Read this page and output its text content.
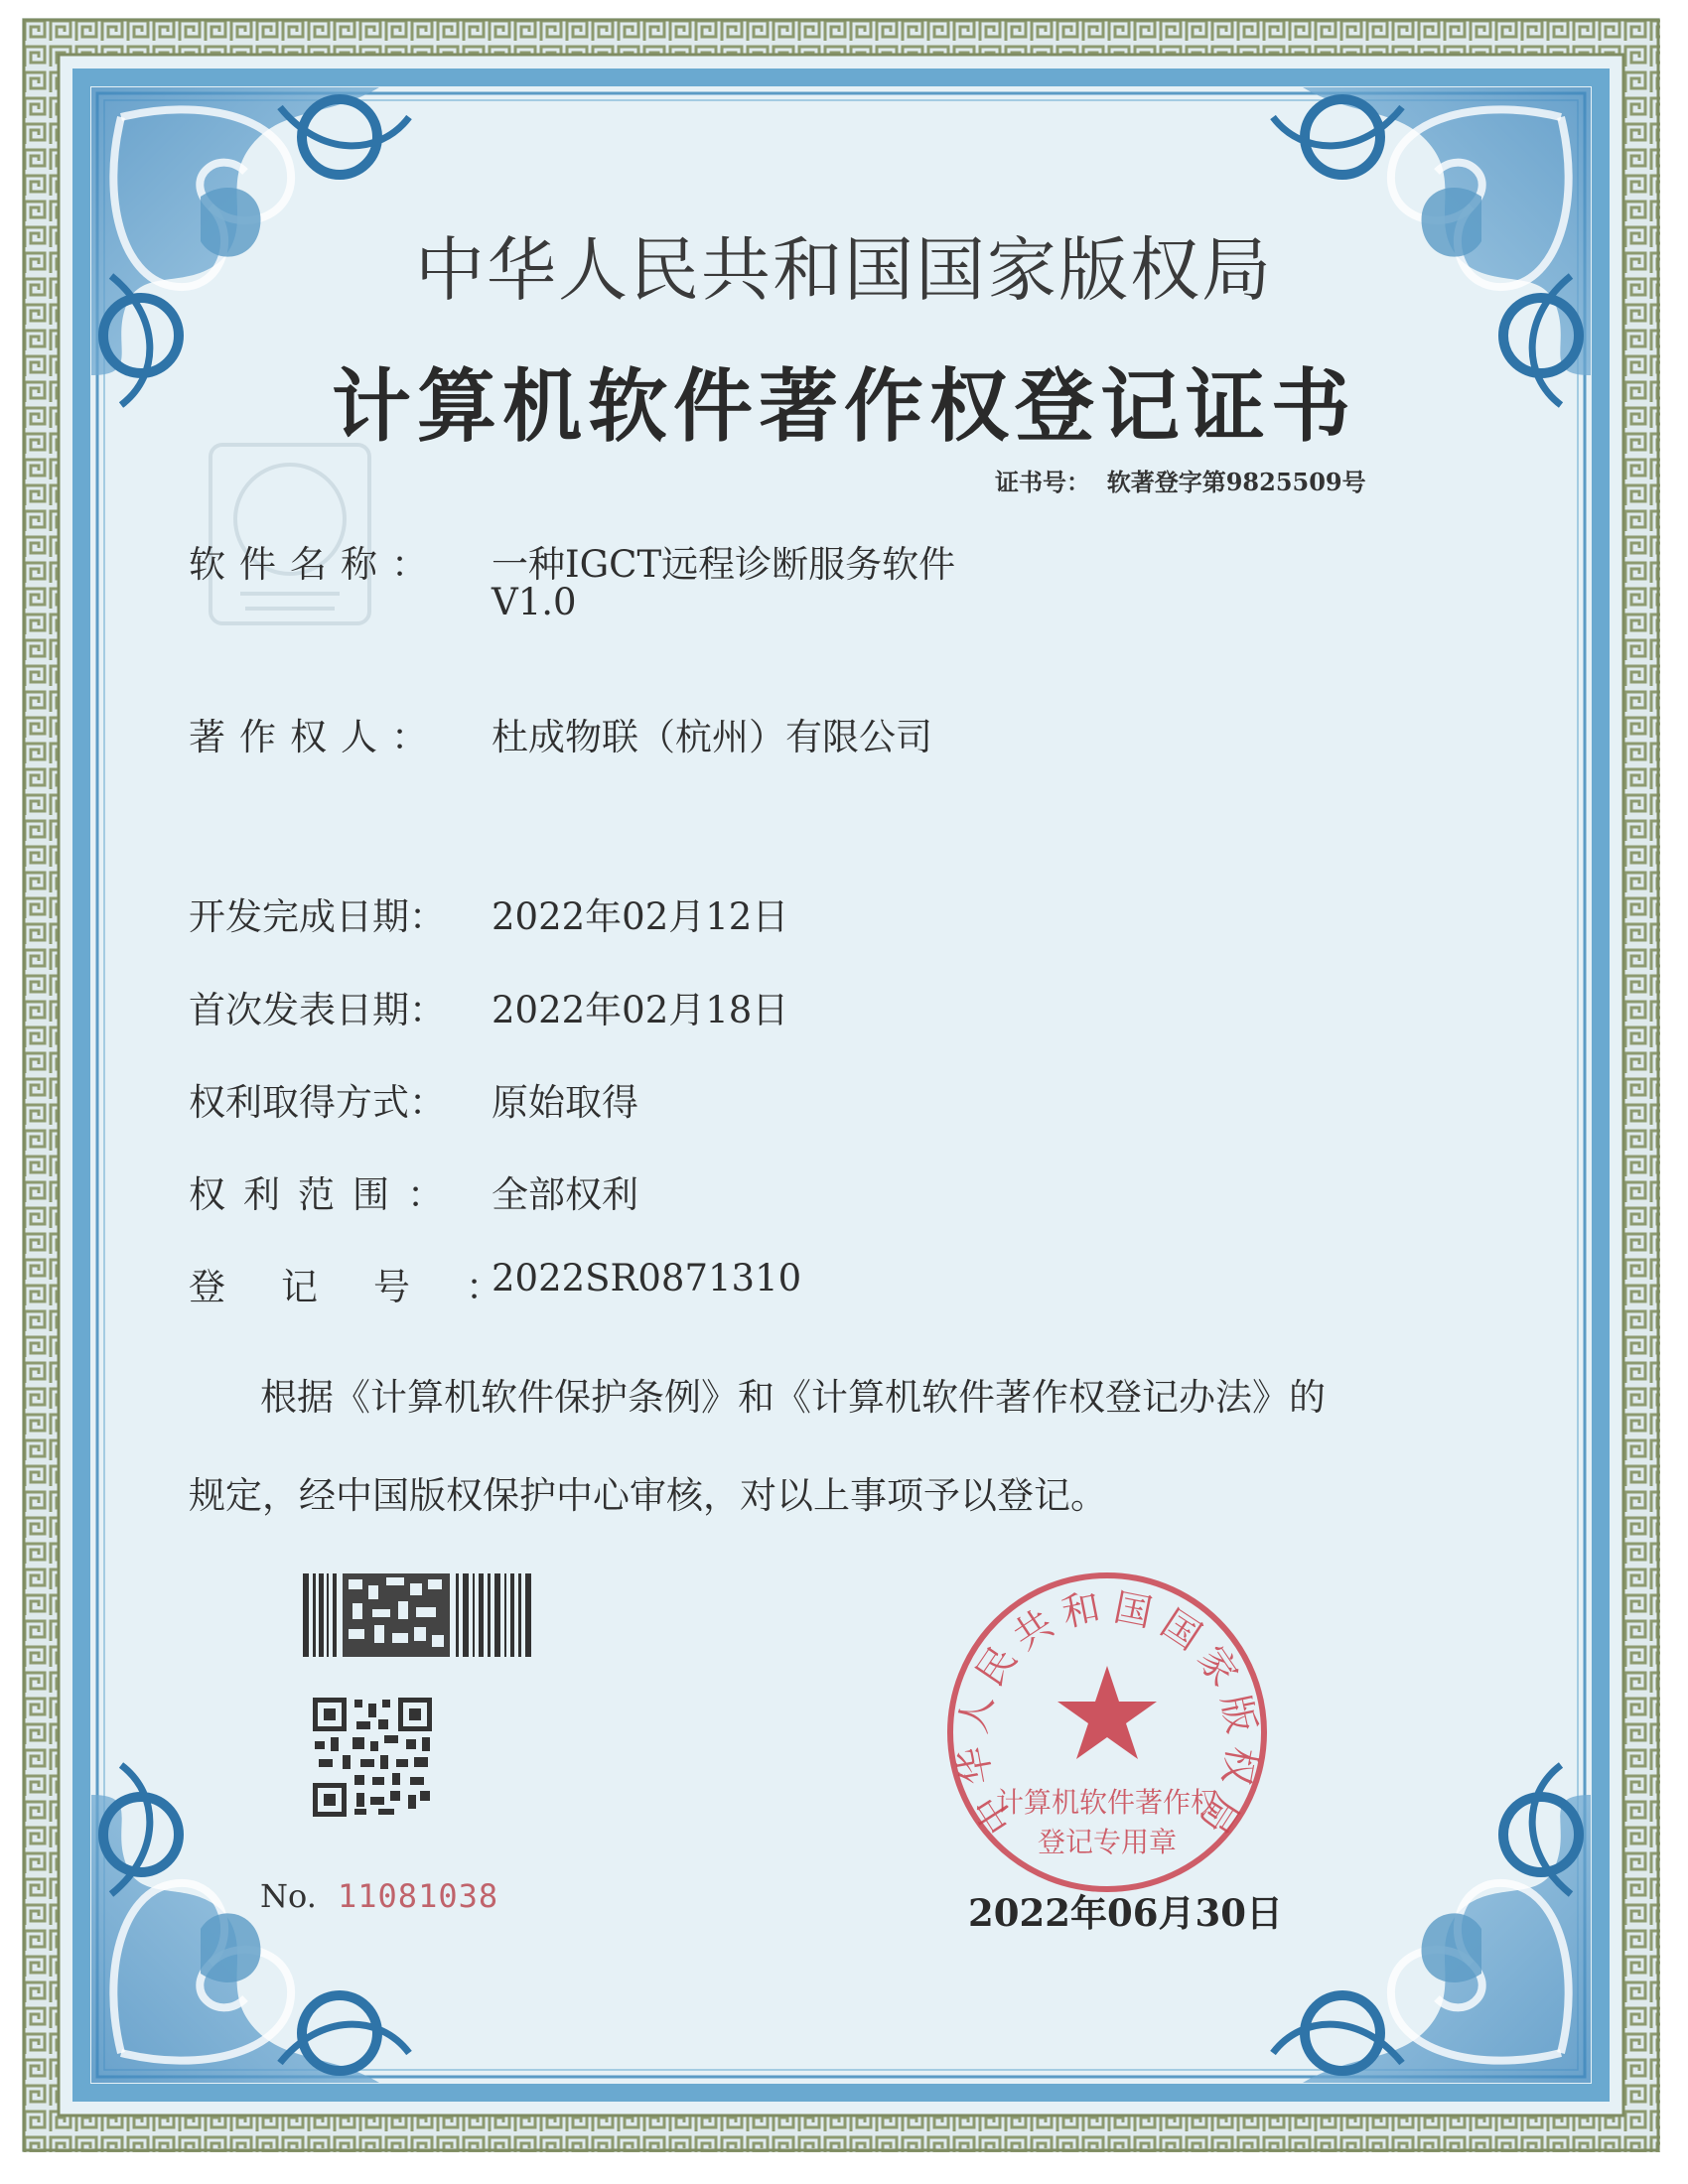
中华人民共和国国家版权局
计算机软件著作权登记证书
证书号： 软著登字第9825509号
软件名称： 一种IGCT远程诊断服务软件
V1.0
著作权人： 杜成物联（杭州）有限公司
开发完成日期： 2022年02月12日
首次发表日期： 2022年02月18日
权利取得方式： 原始取得
权利范围： 全部权利
登记号：
2022SR0871310
根据《计算机软件保护条例》和《计算机软件著作权登记办法》的
规定，经中国版权保护中心审核，对以上事项予以登记。
No. 11081038
中华人民共和国国家版权局
计算机软件著作权
登记专用章
2022年06月30日
